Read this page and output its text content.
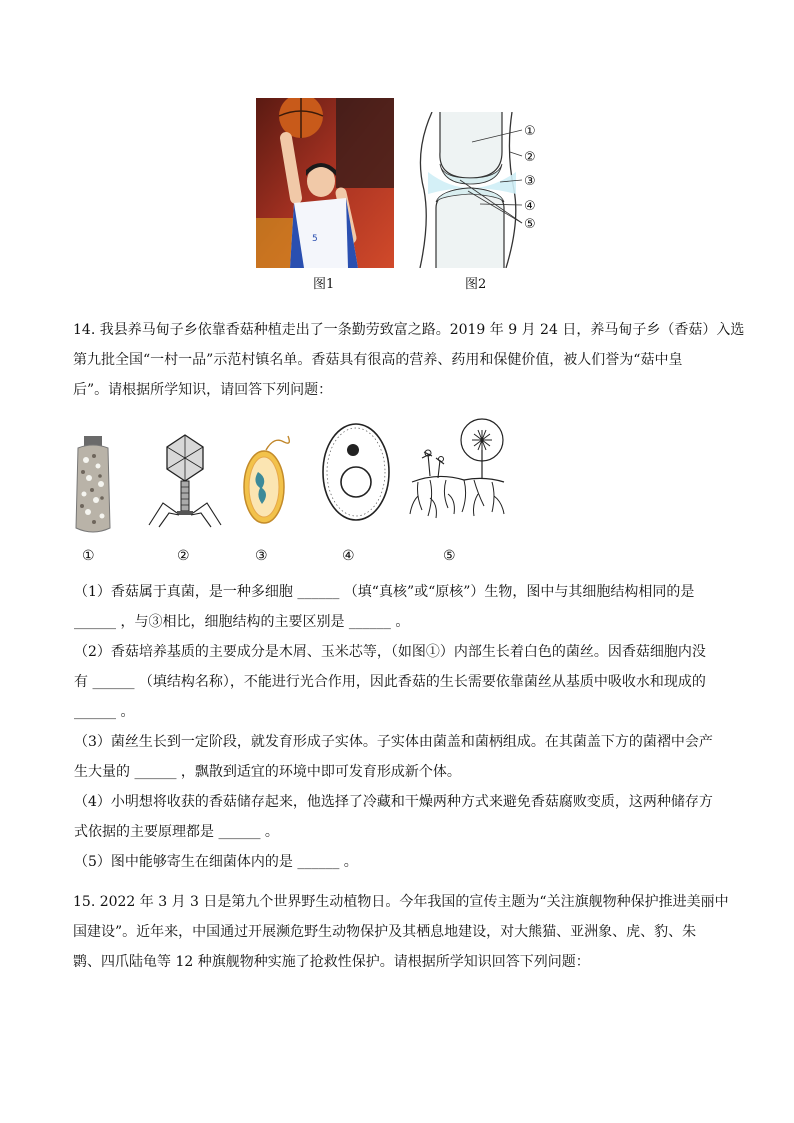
5
①
②
③
④
⑤
图1	图2
14. 我县养马甸子乡依靠香菇种植走出了一条勤劳致富之路。2019 年 9 月 24 日，养马甸子乡（香菇）入选
第九批全国“一村一品”示范村镇名单。香菇具有很高的营养、药用和保健价值，被人们誉为“菇中皇
后”。请根据所学知识，请回答下列问题：
①	②	③	④	⑤
（1）香菇属于真菌，是一种多细胞 ______ （填“真核”或“原核”）生物，图中与其细胞结构相同的是
______ ，与③相比，细胞结构的主要区别是 ______ 。
（2）香菇培养基质的主要成分是木屑、玉米芯等，（如图①）内部生长着白色的菌丝。因香菇细胞内没
有 ______ （填结构名称），不能进行光合作用，因此香菇的生长需要依靠菌丝从基质中吸收水和现成的
______ 。
（3）菌丝生长到一定阶段，就发育形成子实体。子实体由菌盖和菌柄组成。在其菌盖下方的菌褶中会产
生大量的 ______ ，飘散到适宜的环境中即可发育形成新个体。
（4）小明想将收获的香菇储存起来，他选择了冷藏和干燥两种方式来避免香菇腐败变质，这两种储存方
式依据的主要原理都是 ______ 。
（5）图中能够寄生在细菌体内的是 ______ 。
15. 2022 年 3 月 3 日是第九个世界野生动植物日。今年我国的宣传主题为“关注旗舰物种保护推进美丽中
国建设”。近年来，中国通过开展濒危野生动物保护及其栖息地建设，对大熊猫、亚洲象、虎、豹、朱
鹮、四爪陆龟等 12 种旗舰物种实施了抢救性保护。请根据所学知识回答下列问题：
